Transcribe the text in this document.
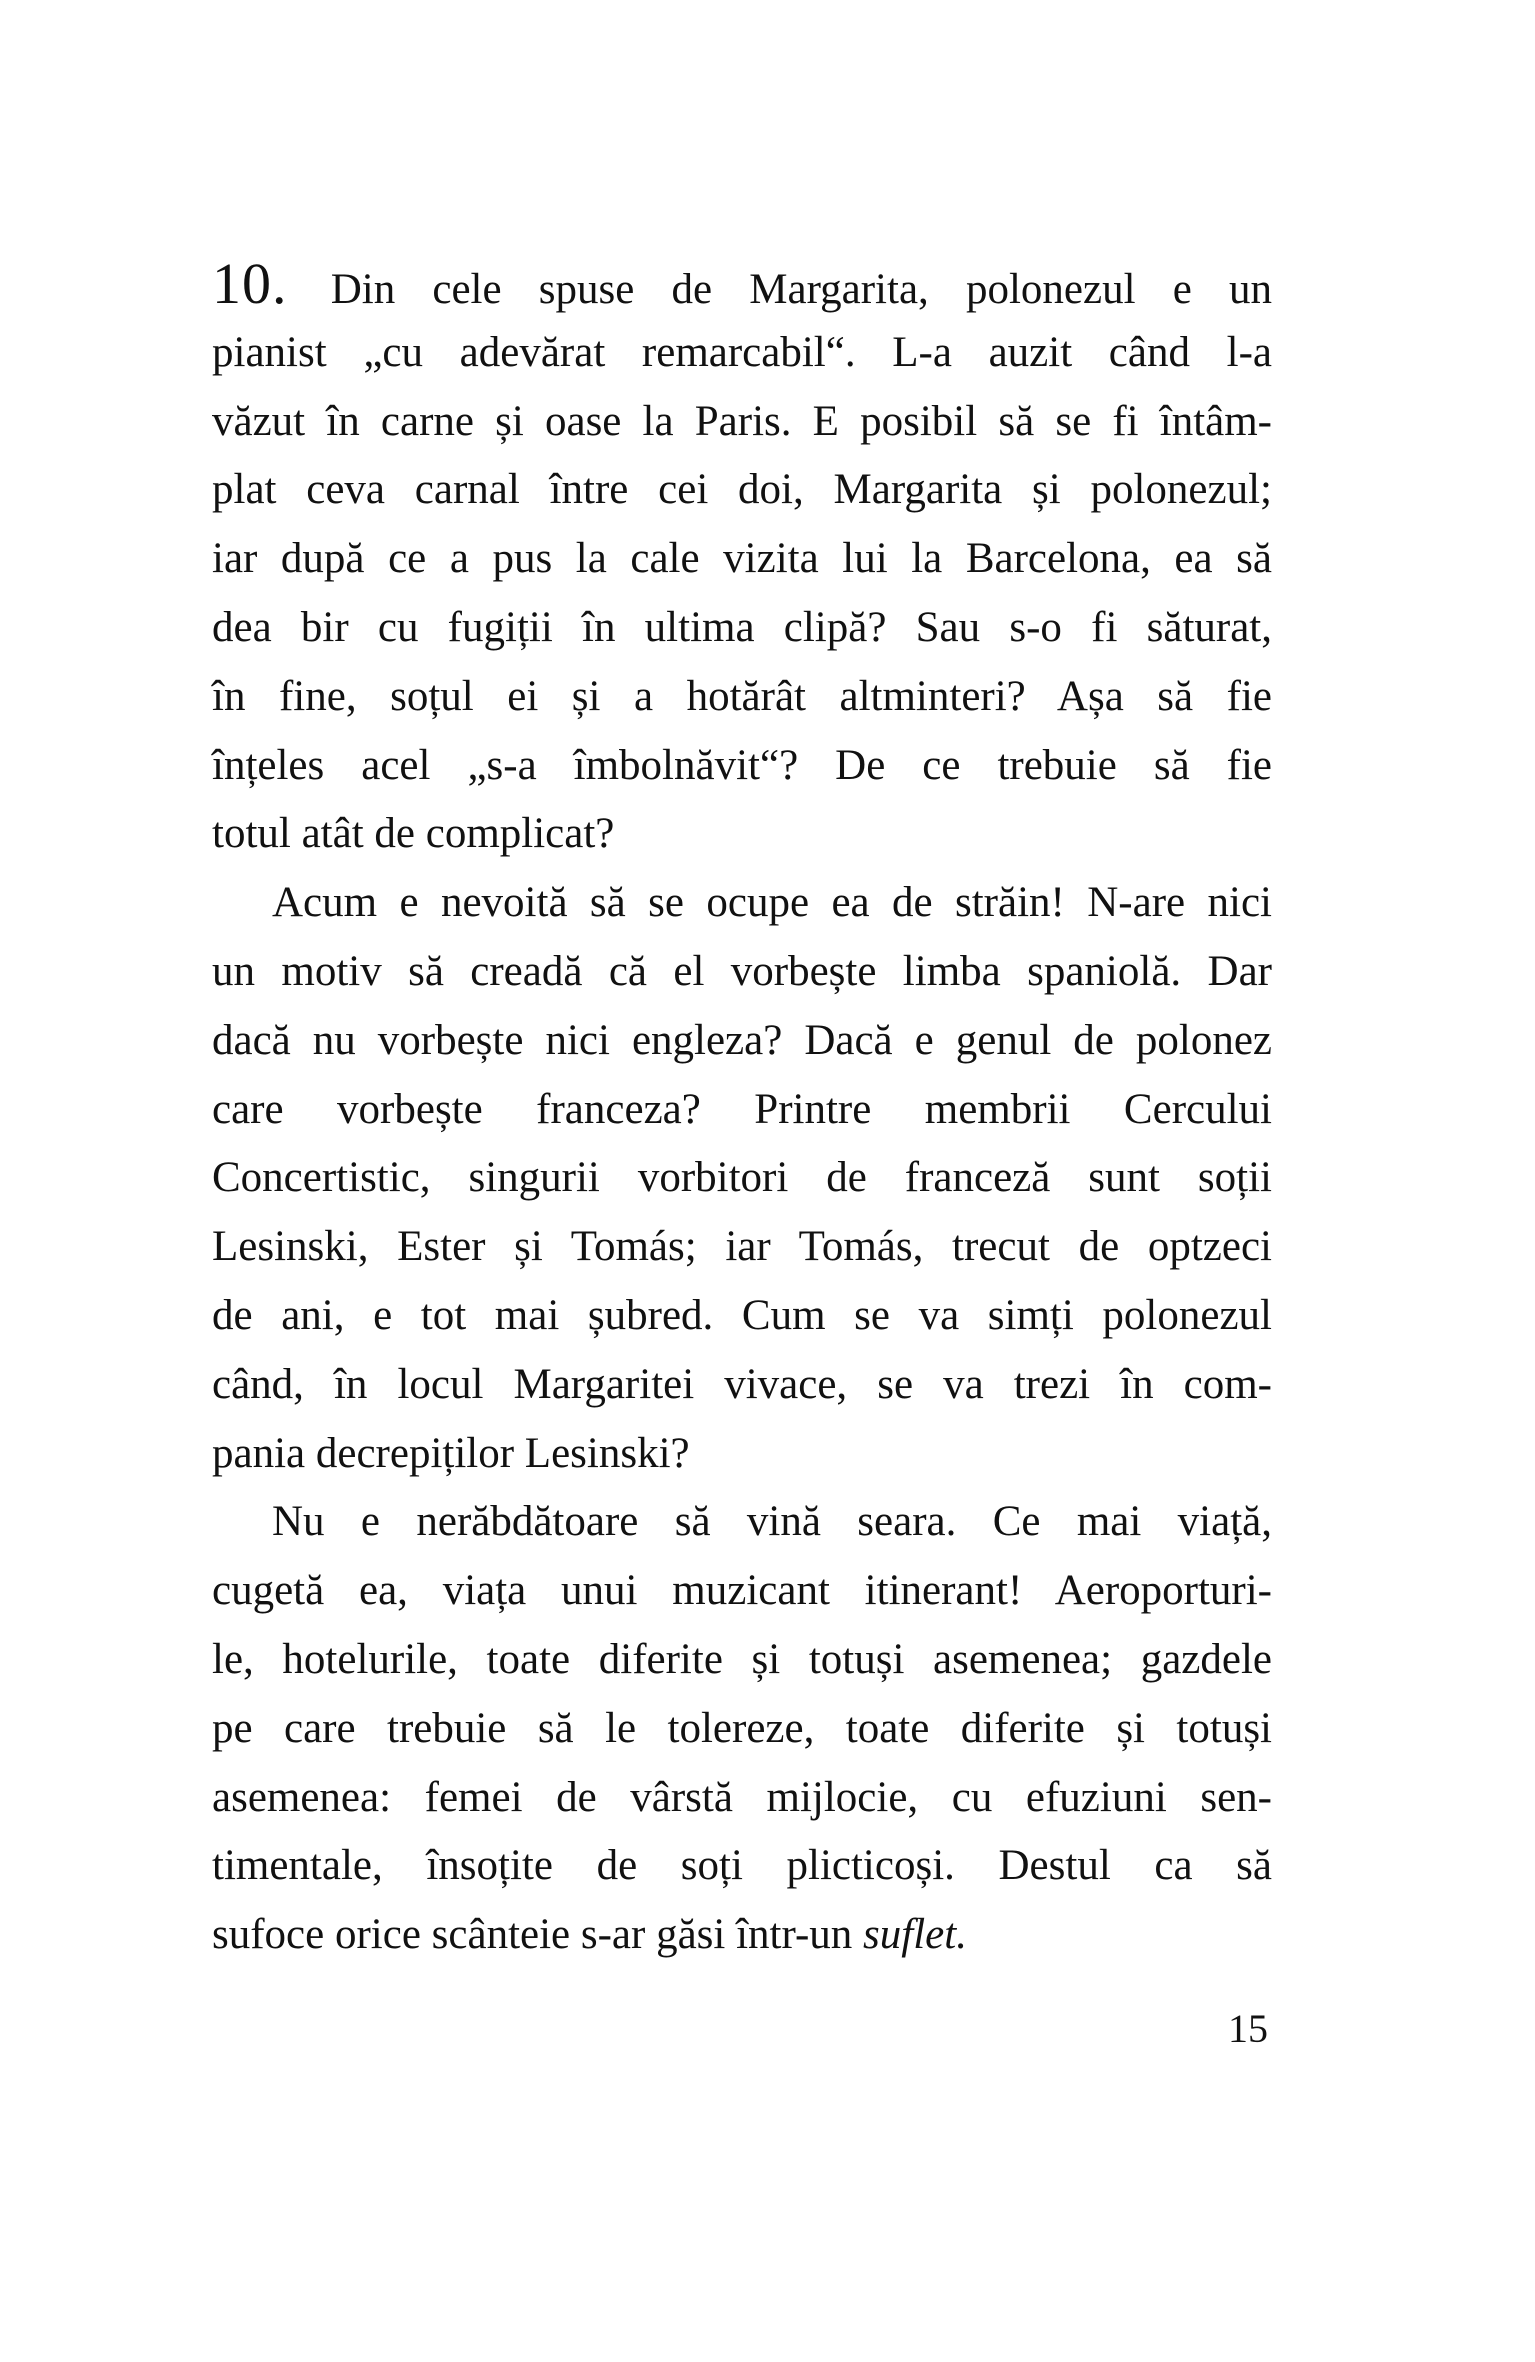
10. Din cele spuse de Margarita, polonezul e un
pianist „cu adevărat remarcabil“. L-a auzit când l-a
văzut în carne și oase la Paris. E posibil să se fi întâm-
plat ceva carnal între cei doi, Margarita și polonezul;
iar după ce a pus la cale vizita lui la Barcelona, ea să
dea bir cu fugiții în ultima clipă? Sau s-o fi săturat,
în fine, soțul ei și a hotărât altminteri? Așa să fie
înțeles acel „s-a îmbolnăvit“? De ce trebuie să fie
totul atât de complicat?
Acum e nevoită să se ocupe ea de străin! N-are nici
un motiv să creadă că el vorbește limba spaniolă. Dar
dacă nu vorbește nici engleza? Dacă e genul de polonez
care vorbește franceza? Printre membrii Cercului
Concertistic, singurii vorbitori de franceză sunt soții
Lesinski, Ester și Tomás; iar Tomás, trecut de optzeci
de ani, e tot mai șubred. Cum se va simți polonezul
când, în locul Margaritei vivace, se va trezi în com-
pania decrepiților Lesinski?
Nu e nerăbdătoare să vină seara. Ce mai viață,
cugetă ea, viața unui muzicant itinerant! Aeroporturi-
le, hotelurile, toate diferite și totuși asemenea; gazdele
pe care trebuie să le tolereze, toate diferite și totuși
asemenea: femei de vârstă mijlocie, cu efuziuni sen-
timentale, însoțite de soți plicticoși. Destul ca să
sufoce orice scânteie s-ar găsi într-un suflet.
15
